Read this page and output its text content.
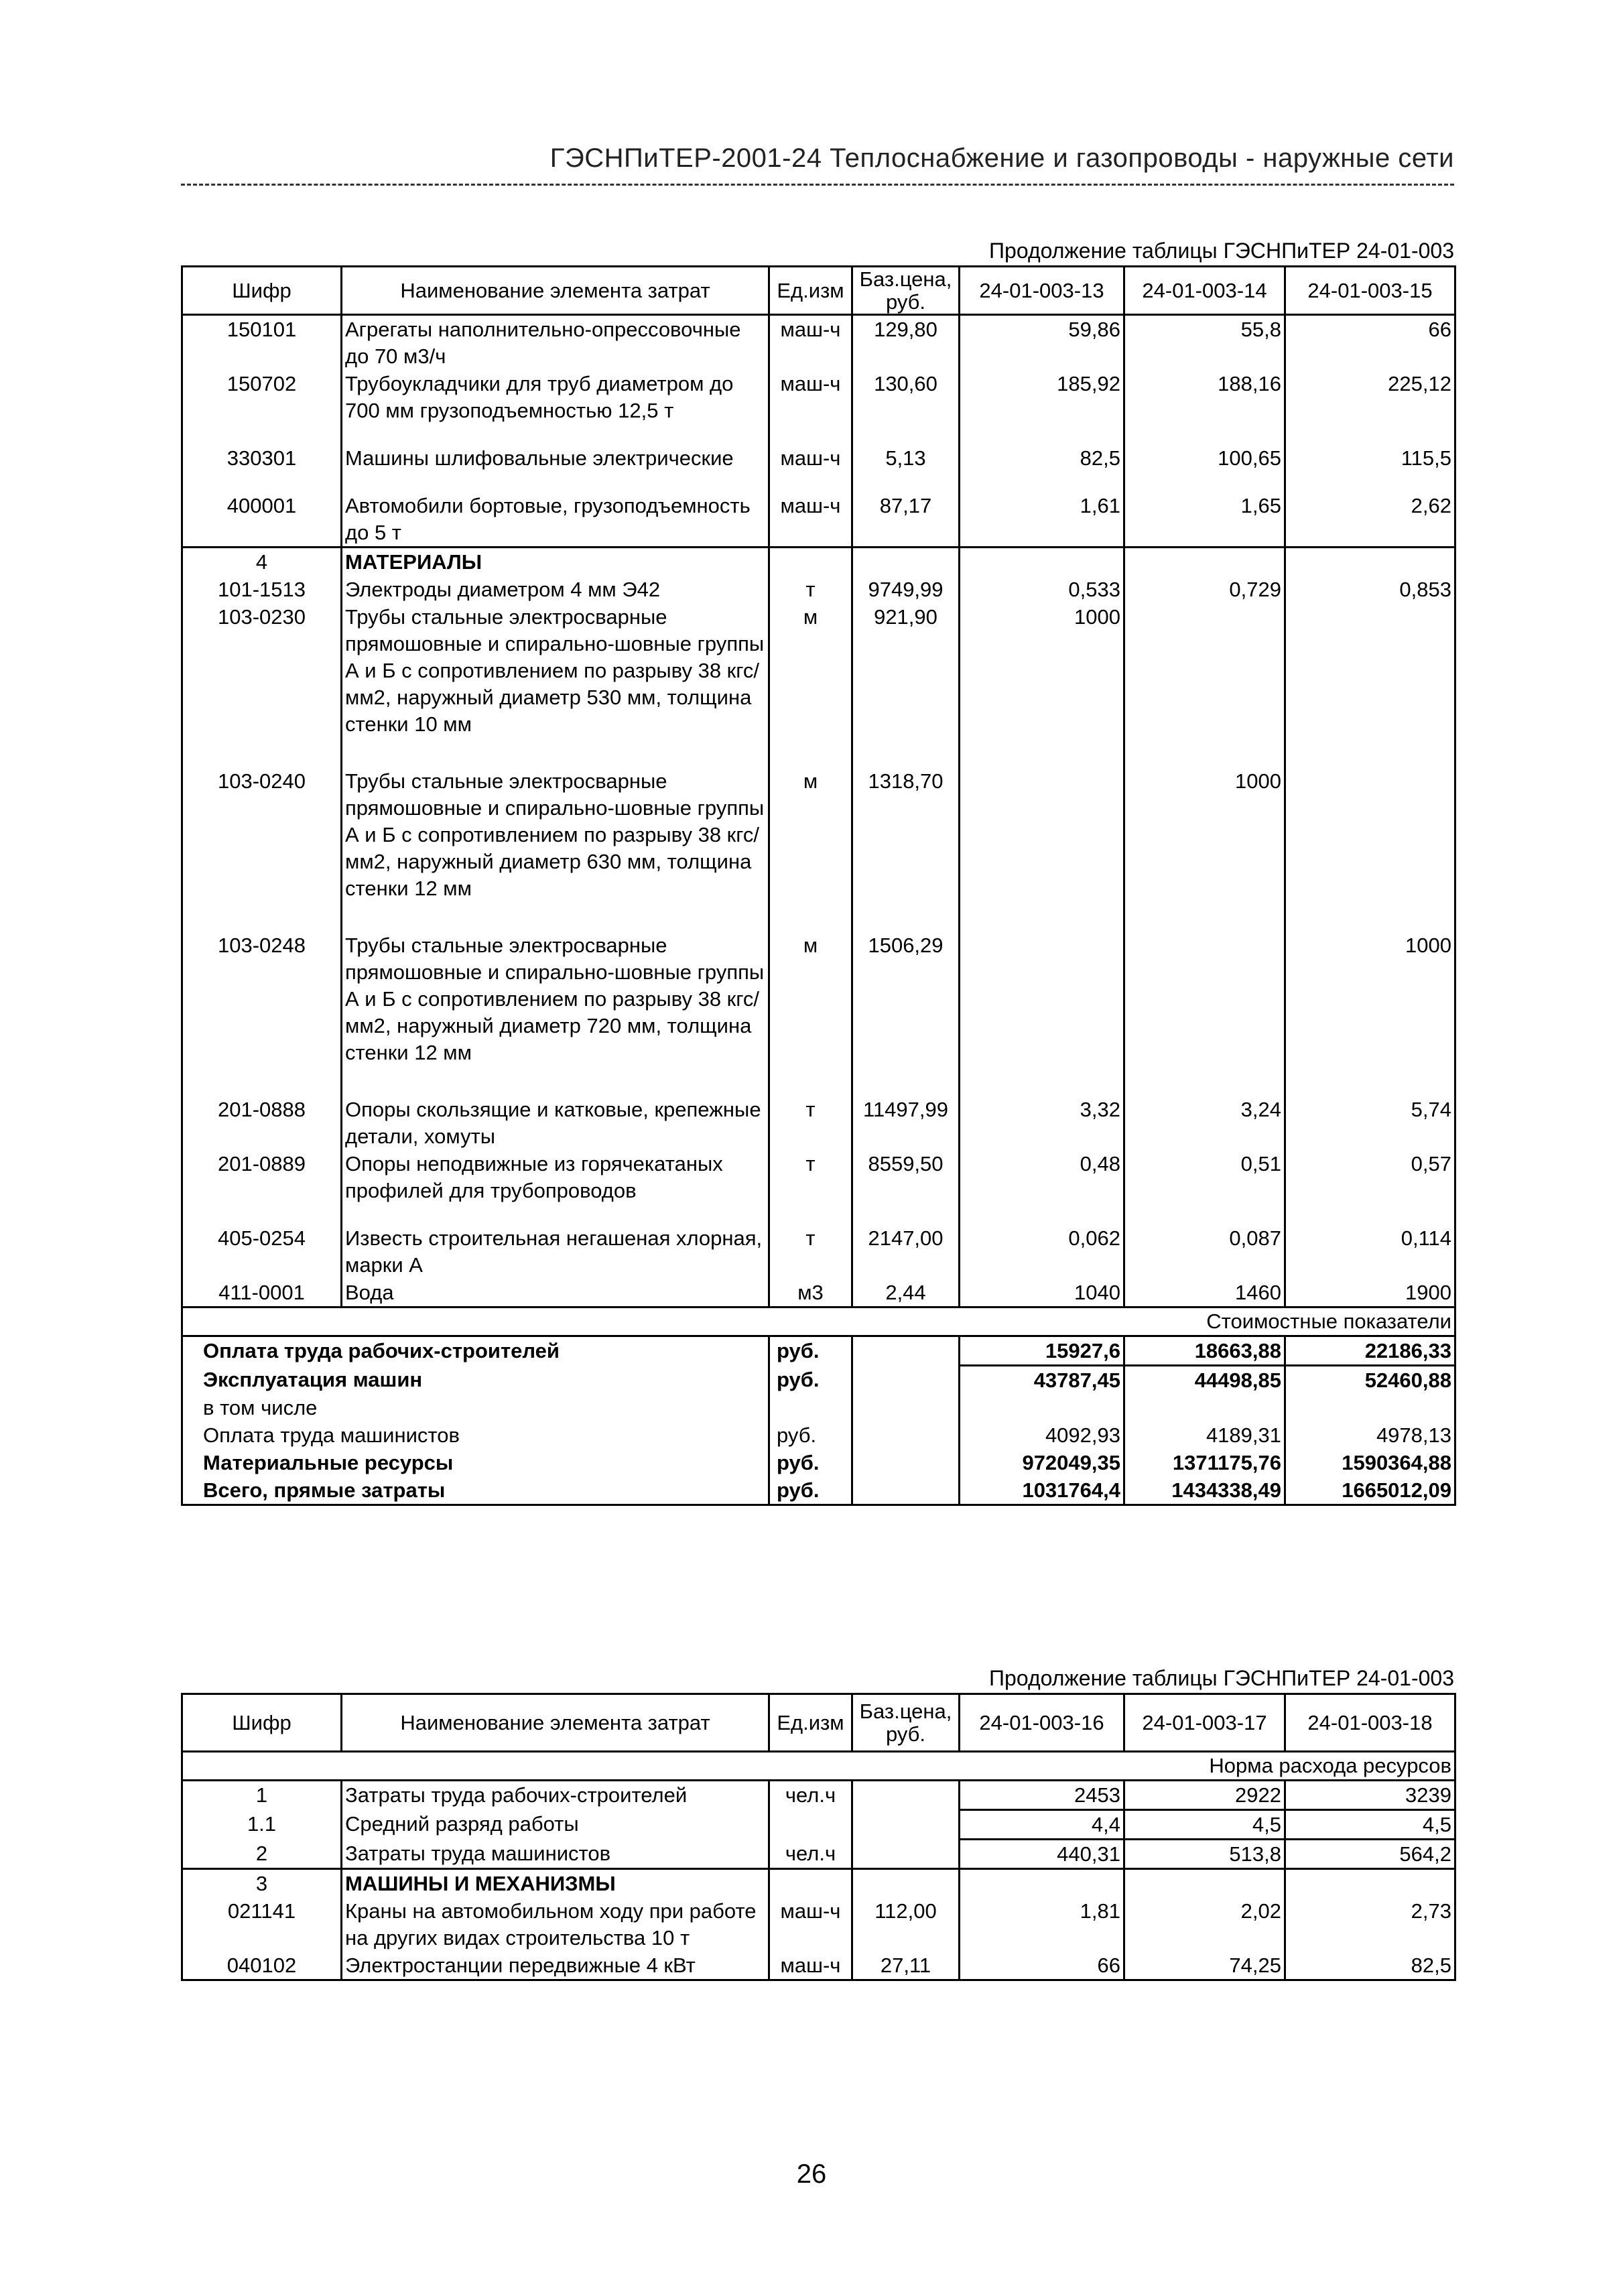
ГЭСНПиТЕР-2001-24 Теплоснабжение и газопроводы - наружные сети
Продолжение таблицы ГЭСНПиТЕР 24-01-003
Шифр	Наименование элемента затрат	Ед.изм	Баз.цена, руб.	24-01-003-13	24-01-003-14	24-01-003-15
150101	Агрегаты наполнительно-опрессовочные до 70 м3/ч	маш-ч	129,80	59,86	55,8	66
150702	Трубоукладчики для труб диаметром до 700 мм грузоподъемностью 12,5 т	маш-ч	130,60	185,92	188,16	225,12
330301	Машины шлифовальные электрические	маш-ч	5,13	82,5	100,65	115,5
400001	Автомобили бортовые, грузоподъемность до 5 т	маш-ч	87,17	1,61	1,65	2,62
4	МАТЕРИАЛЫ					
101-1513	Электроды диаметром 4 мм Э42	т	9749,99	0,533	0,729	0,853
103-0230	Трубы стальные электросварные прямошовные и спирально-шовные группы А и Б с сопротивлением по разрыву 38 кгс/мм2, наружный диаметр 530 мм, толщина стенки 10 мм	м	921,90	1000		
103-0240	Трубы стальные электросварные прямошовные и спирально-шовные группы А и Б с сопротивлением по разрыву 38 кгс/мм2, наружный диаметр 630 мм, толщина стенки 12 мм	м	1318,70		1000	
103-0248	Трубы стальные электросварные прямошовные и спирально-шовные группы А и Б с сопротивлением по разрыву 38 кгс/мм2, наружный диаметр 720 мм, толщина стенки 12 мм	м	1506,29			1000
201-0888	Опоры скользящие и катковые, крепежные детали, хомуты	т	11497,99	3,32	3,24	5,74
201-0889	Опоры неподвижные из горячекатаных профилей для трубопроводов	т	8559,50	0,48	0,51	0,57
405-0254	Известь строительная негашеная хлорная, марки А	т	2147,00	0,062	0,087	0,114
411-0001	Вода	м3	2,44	1040	1460	1900
Стоимостные показатели						
Оплата труда рабочих-строителей		руб.		15927,6	18663,88	22186,33
Эксплуатация машин		руб.		43787,45	44498,85	52460,88
в том числе						
Оплата труда машинистов		руб.		4092,93	4189,31	4978,13
Материальные ресурсы		руб.		972049,35	1371175,76	1590364,88
Всего, прямые затраты		руб.		1031764,4	1434338,49	1665012,09
Продолжение таблицы ГЭСНПиТЕР 24-01-003
Шифр	Наименование элемента затрат	Ед.изм	Баз.цена, руб.	24-01-003-16	24-01-003-17	24-01-003-18
Норма расхода ресурсов						
1	Затраты труда рабочих-строителей	чел.ч		2453	2922	3239
1.1	Средний разряд работы			4,4	4,5	4,5
2	Затраты труда машинистов	чел.ч		440,31	513,8	564,2
3	МАШИНЫ И МЕХАНИЗМЫ					
021141	Краны на автомобильном ходу при работе на других видах строительства 10 т	маш-ч	112,00	1,81	2,02	2,73
040102	Электростанции передвижные 4 кВт	маш-ч	27,11	66	74,25	82,5
26
